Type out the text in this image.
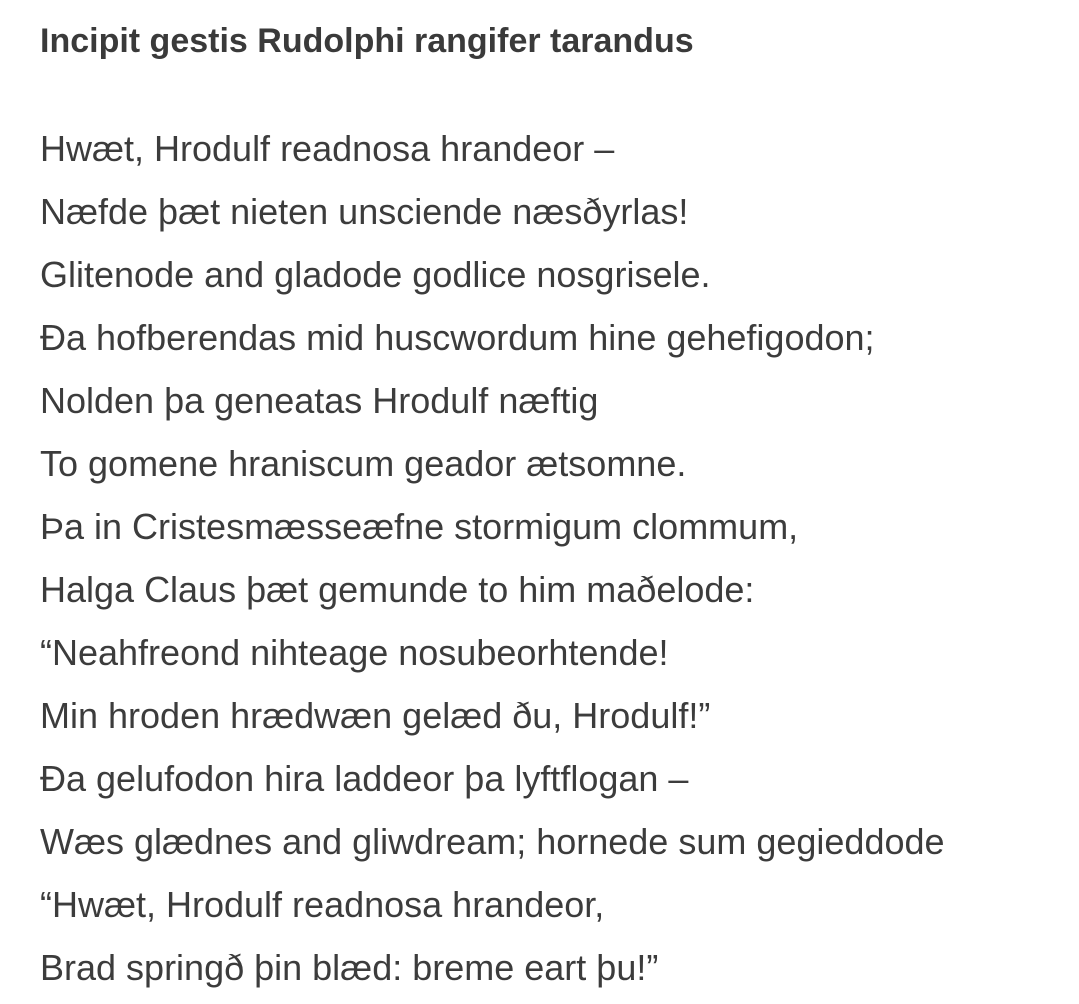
Incipit gestis Rudolphi rangifer tarandus
Hwæt, Hrodulf readnosa hrandeor –
Næfde þæt nieten unsciende næsðyrlas!
Glitenode and gladode godlice nosgrisele.
Ða hofberendas mid huscwordum hine gehefigodon;
Nolden þa geneatas Hrodulf næftig
To gomene hraniscum geador ætsomne.
Þa in Cristesmæsseæfne stormigum clommum,
Halga Claus þæt gemunde to him maðelode:
“Neahfreond nihteage nosubeorhtende!
Min hroden hrædwæn gelæd ðu, Hrodulf!”
Ða gelufodon hira laddeor þa lyftflogan –
Wæs glædnes and gliwdream; hornede sum gegieddode
“Hwæt, Hrodulf readnosa hrandeor,
Brad springð þin blæd: breme eart þu!”
